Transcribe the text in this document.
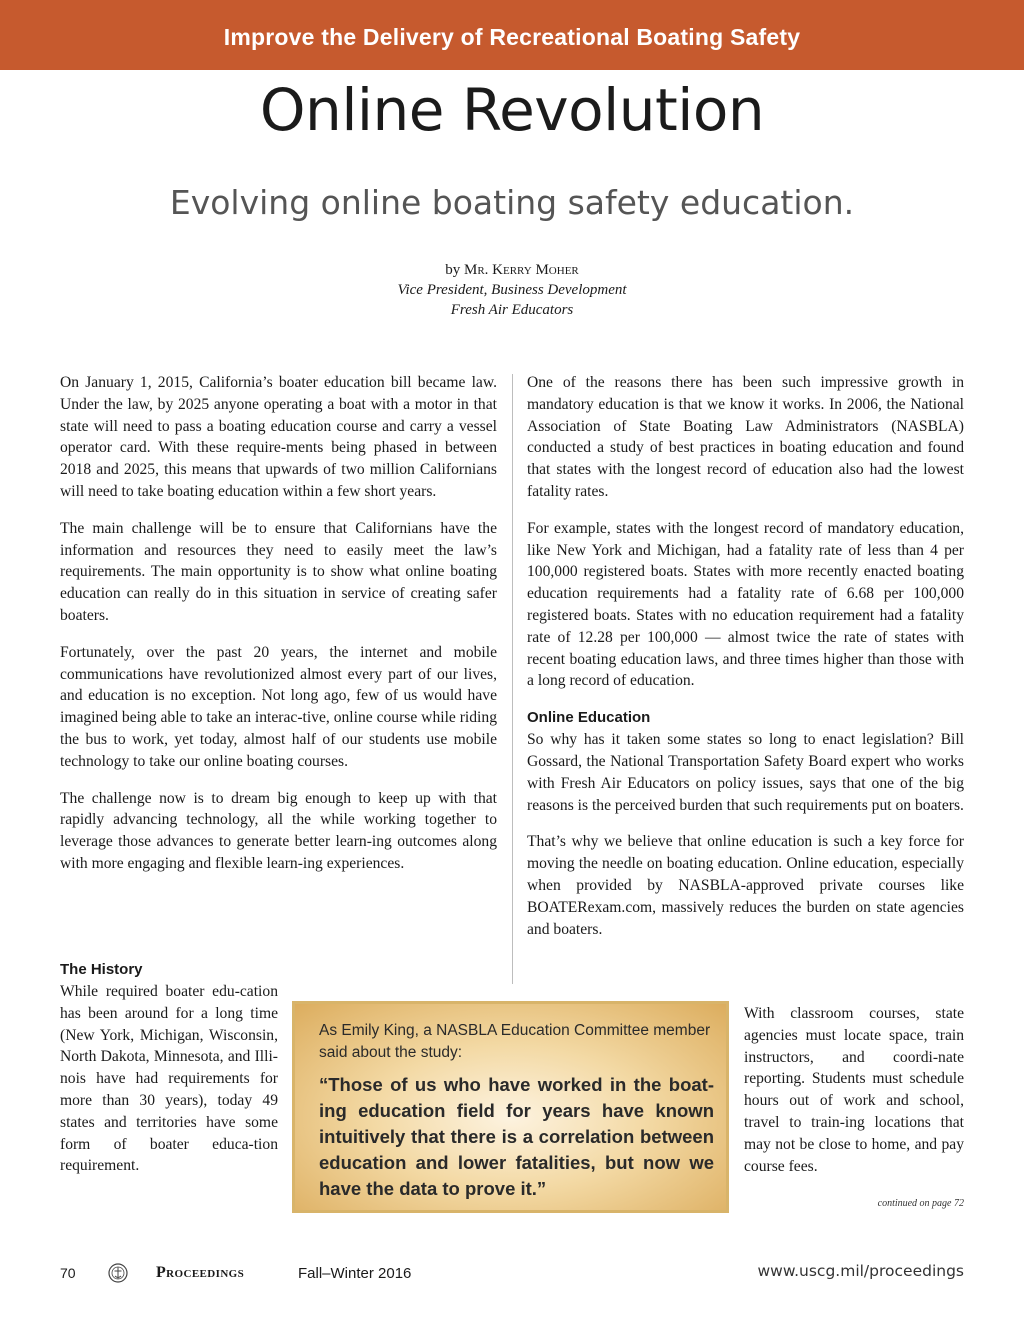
Improve the Delivery of Recreational Boating Safety
Online Revolution
Evolving online boating safety education.
by Mr. Kerry Moher
Vice President, Business Development
Fresh Air Educators

On January 1, 2015, California’s boater education bill became law. Under the law, by 2025 anyone operating a boat with a motor in that state will need to pass a boating education course and carry a vessel operator card. With these require-ments being phased in between 2018 and 2025, this means that upwards of two million Californians will need to take boating education within a few short years.

The main challenge will be to ensure that Californians have the information and resources they need to easily meet the law’s requirements. The main opportunity is to show what online boating education can really do in this situation in service of creating safer boaters.

Fortunately, over the past 20 years, the internet and mobile communications have revolutionized almost every part of our lives, and education is no exception. Not long ago, few of us would have imagined being able to take an interac-tive, online course while riding the bus to work, yet today, almost half of our students use mobile technology to take our online boating courses.

The challenge now is to dream big enough to keep up with that rapidly advancing technology, all the while working together to leverage those advances to generate better learn-ing outcomes along with more engaging and flexible learn-ing experiences.

The History

While required boater edu-cation has been around for a long time (New York, Michigan, Wisconsin, North Dakota, Minnesota, and Illi-nois have had requirements for more than 30 years), today 49 states and territories have some form of boater educa-tion requirement.

One of the reasons there has been such impressive growth in mandatory education is that we know it works. In 2006, the National Association of State Boating Law Administrators (NASBLA) conducted a study of best practices in boating education and found that states with the longest record of education also had the lowest fatality rates.

For example, states with the longest record of mandatory education, like New York and Michigan, had a fatality rate of less than 4 per 100,000 registered boats. States with more recently enacted boating education requirements had a fatality rate of 6.68 per 100,000 registered boats. States with no education requirement had a fatality rate of 12.28 per 100,000 — almost twice the rate of states with recent boating education laws, and three times higher than those with a long record of education.

Online Education

So why has it taken some states so long to enact legislation? Bill Gossard, the National Transportation Safety Board expert who works with Fresh Air Educators on policy issues, says that one of the big reasons is the perceived burden that such requirements put on boaters.

That’s why we believe that online education is such a key force for moving the needle on boating education. Online education, especially when provided by NASBLA-approved private courses like BOATERexam.com, massively reduces the burden on state agencies and boaters.

As Emily King, a NASBLA Education Committee member said about the study:
“Those of us who have worked in the boat-ing education field for years have known intuitively that there is a correlation between education and lower fatalities, but now we have the data to prove it.”

With classroom courses, state agencies must locate space, train instructors, and coordi-nate reporting. Students must schedule hours out of work and school, travel to train-ing locations that may not be close to home, and pay course fees.

continued on page 72
70	Proceedings	Fall–Winter 2016	www.uscg.mil/proceedings
